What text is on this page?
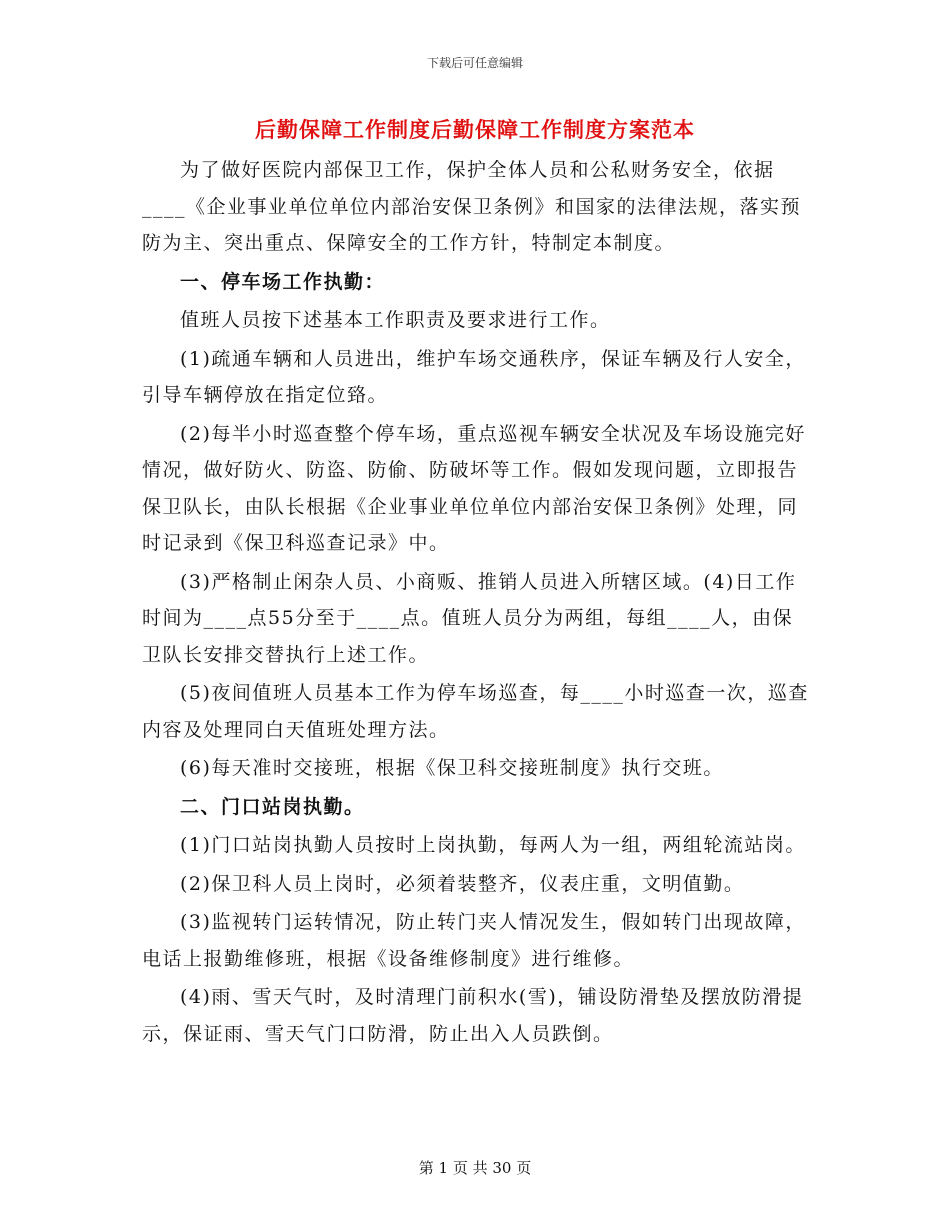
下载后可任意编辑
后勤保障工作制度后勤保障工作制度方案范本

为了做好医院内部保卫工作，保护全体人员和公私财务安全，依据____《企业事业单位单位内部治安保卫条例》和国家的法律法规，落实预防为主、突出重点、保障安全的工作方针，特制定本制度。

一、停车场工作执勤：

值班人员按下述基本工作职责及要求进行工作。

(1)疏通车辆和人员进出，维护车场交通秩序，保证车辆及行人安全，引导车辆停放在指定位臵。

(2)每半小时巡查整个停车场，重点巡视车辆安全状况及车场设施完好情况，做好防火、防盗、防偷、防破坏等工作。假如发现问题，立即报告保卫队长，由队长根据《企业事业单位单位内部治安保卫条例》处理，同时记录到《保卫科巡查记录》中。

(3)严格制止闲杂人员、小商贩、推销人员进入所辖区域。(4)日工作时间为____点55分至于____点。值班人员分为两组，每组____人，由保卫队长安排交替执行上述工作。

(5)夜间值班人员基本工作为停车场巡查，每____小时巡查一次，巡查内容及处理同白天值班处理方法。

(6)每天准时交接班，根据《保卫科交接班制度》执行交班。

二、门口站岗执勤。

(1)门口站岗执勤人员按时上岗执勤，每两人为一组，两组轮流站岗。

(2)保卫科人员上岗时，必须着装整齐，仪表庄重，文明值勤。

(3)监视转门运转情况，防止转门夹人情况发生，假如转门出现故障，电话上报勤维修班，根据《设备维修制度》进行维修。

(4)雨、雪天气时，及时清理门前积水(雪)，铺设防滑垫及摆放防滑提示，保证雨、雪天气门口防滑，防止出入人员跌倒。

第 1 页 共 30 页
